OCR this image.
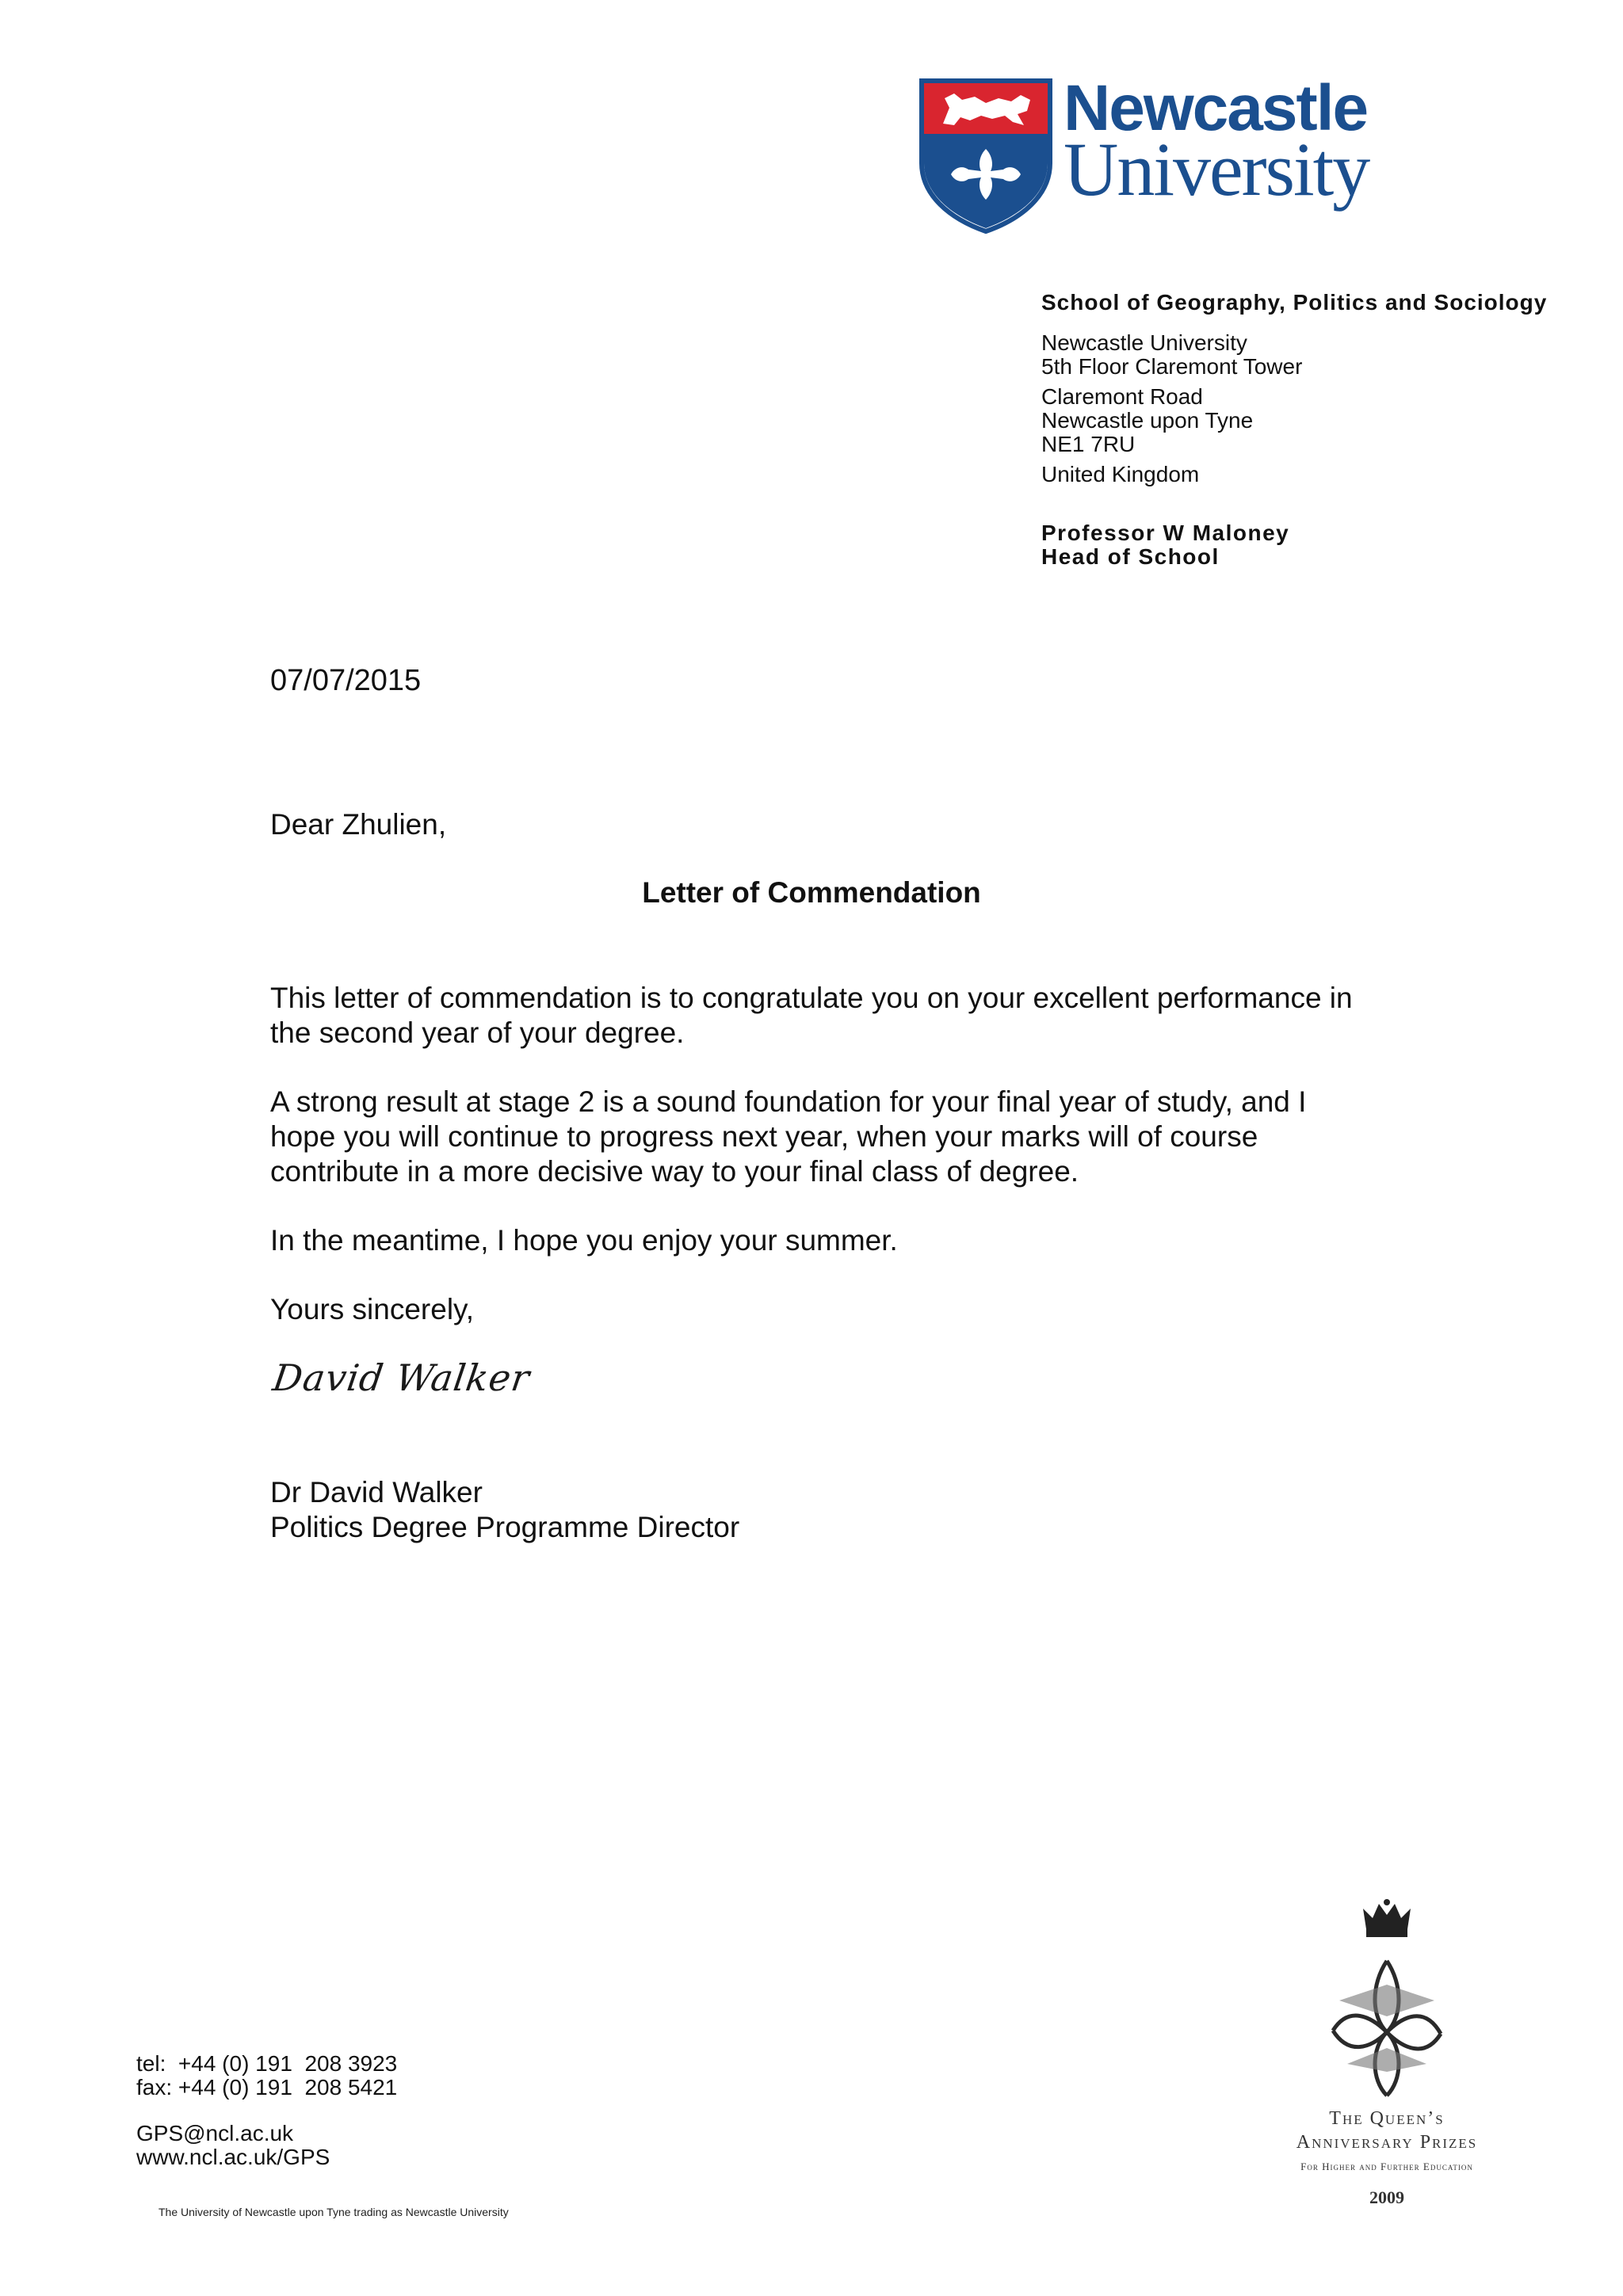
Newcastle
University
School of Geography, Politics and Sociology
Newcastle University
5th Floor Claremont Tower
Claremont Road
Newcastle upon Tyne
NE1 7RU
United Kingdom
Professor W Maloney
Head of School
07/07/2015
Dear Zhulien,
Letter of Commendation

This letter of commendation is to congratulate you on your excellent performance in the second year of your degree.

A strong result at stage 2 is a sound foundation for your final year of study, and I hope you will continue to progress next year, when your marks will of course contribute in a more decisive way to your final class of degree.

In the meantime, I hope you enjoy your summer.

Yours sincerely,

David Walker
Dr David Walker
Politics Degree Programme Director
tel:  +44 (0) 191  208 3923
fax: +44 (0) 191  208 5421
GPS@ncl.ac.uk
www.ncl.ac.uk/GPS
The University of Newcastle upon Tyne trading as Newcastle University
The Queen’s
Anniversary Prizes
For Higher and Further Education
2009
